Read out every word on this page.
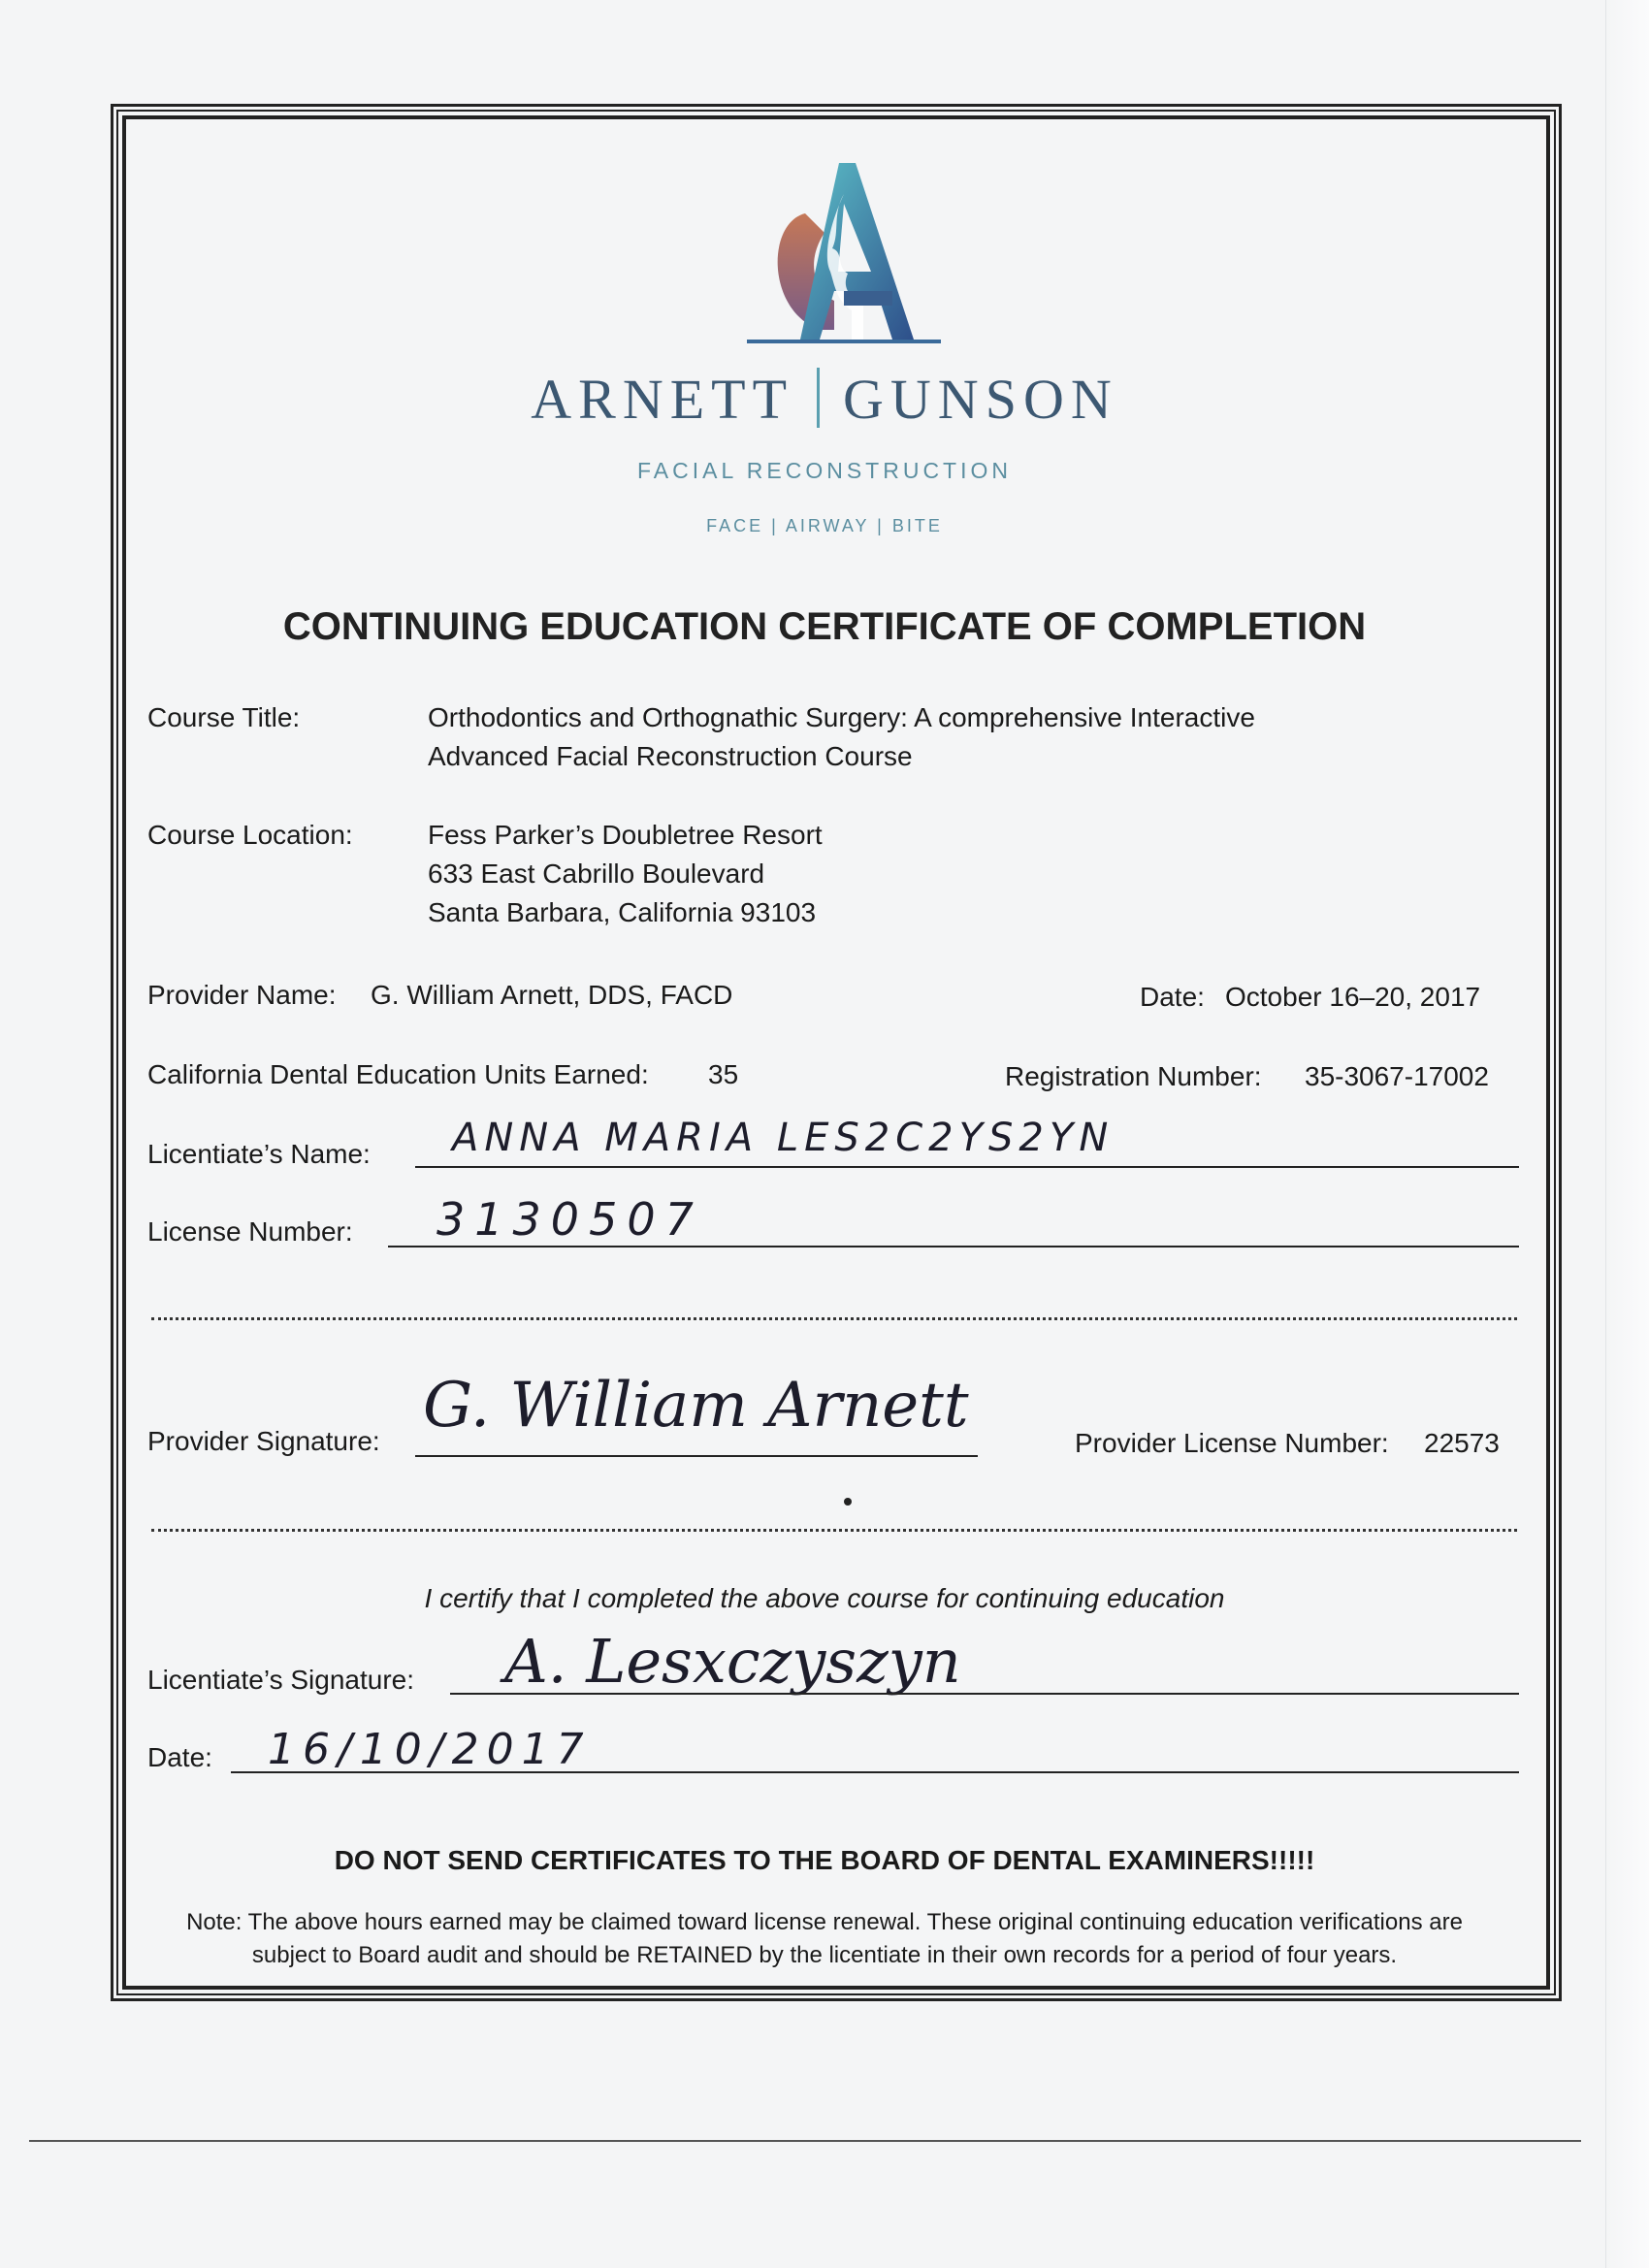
ARNETT GUNSON
FACIAL RECONSTRUCTION
FACE | AIRWAY | BITE
CONTINUING EDUCATION CERTIFICATE OF COMPLETION
Course Title:	Orthodontics and Orthognathic Surgery: A comprehensive Interactive
Advanced Facial Reconstruction Course
Course Location:	Fess Parker’s Doubletree Resort
633 East Cabrillo Boulevard
Santa Barbara, California 93103
Provider Name: G. William Arnett, DDS, FACD	Date: October 16–20, 2017
California Dental Education Units Earned: 35	Registration Number: 35-3067-17002
Licentiate’s Name: ANNA MARIA LES2C2YS2YN
License Number: 3130507
Provider Signature: G. William Arnett
Provider License Number: 22573
I certify that I completed the above course for continuing education
Licentiate’s Signature: A. Lesxczyszyn
Date: 16/10/2017
DO NOT SEND CERTIFICATES TO THE BOARD OF DENTAL EXAMINERS!!!!!
Note: The above hours earned may be claimed toward license renewal. These original continuing education verifications are
subject to Board audit and should be RETAINED by the licentiate in their own records for a period of four years.
